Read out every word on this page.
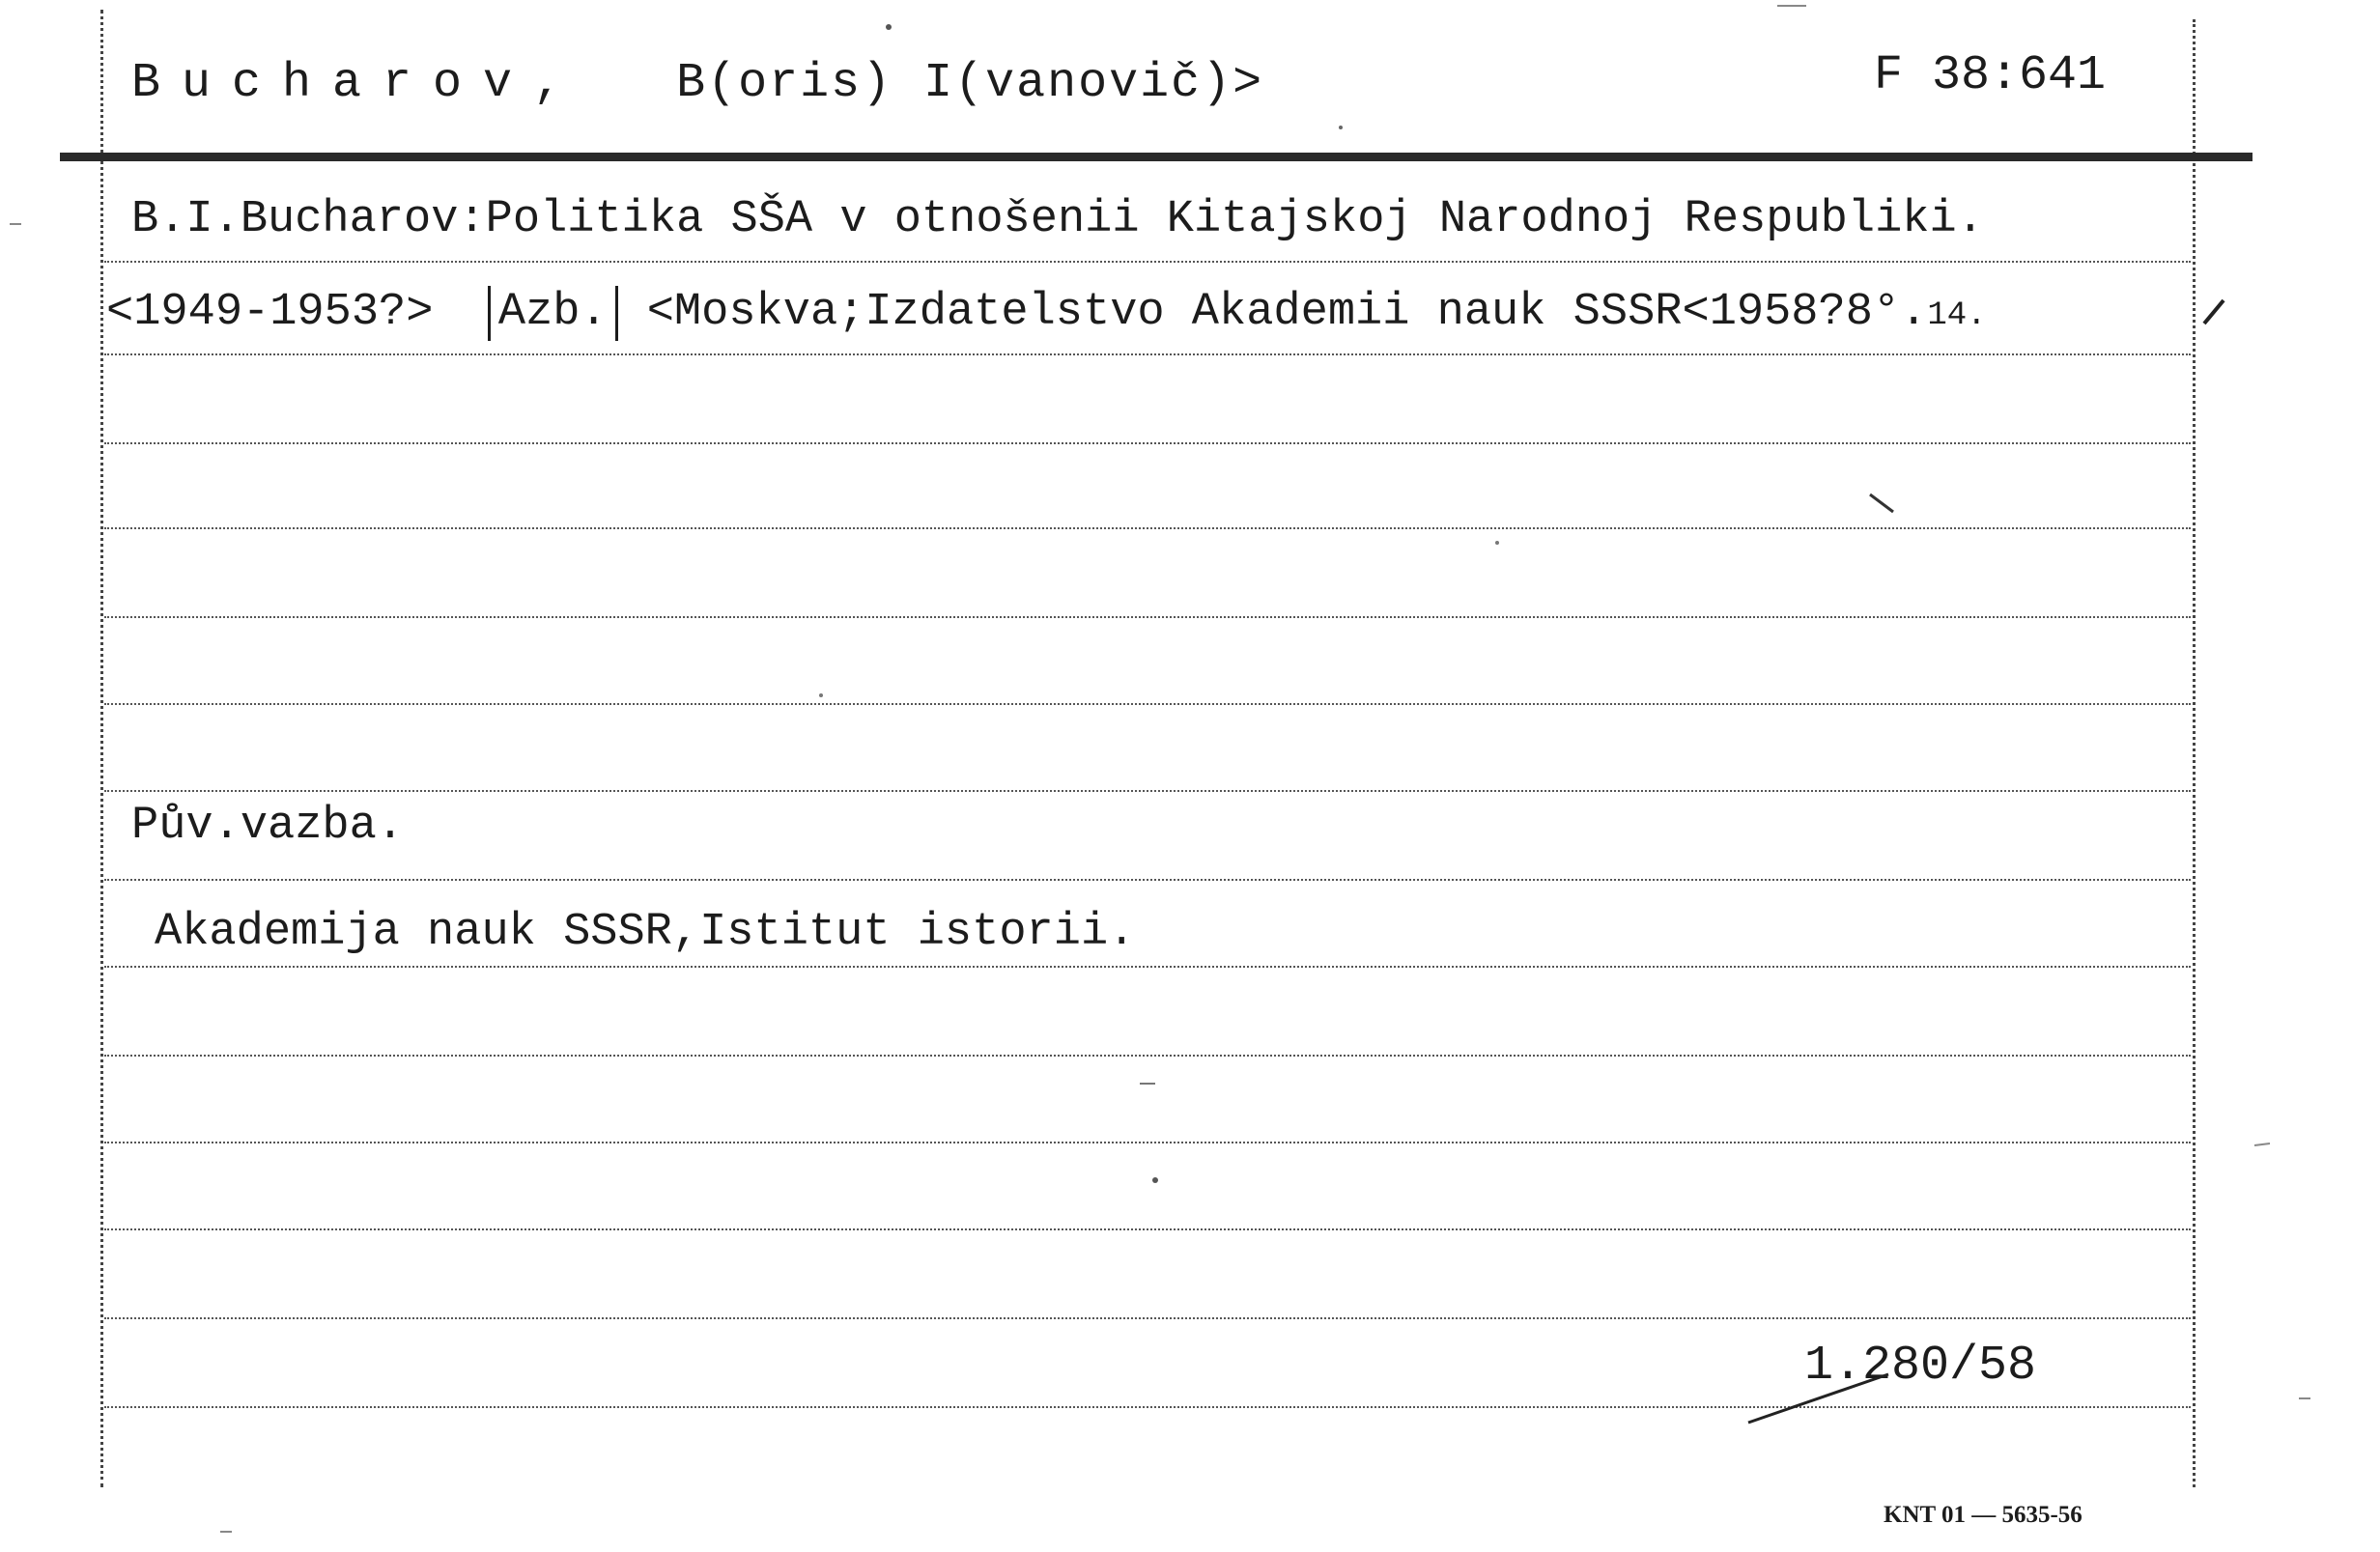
Bucharov, B(oris) I(vanovič)>	F 38:641
B.I.Bucharov:Politika SŠA v otnošenii Kitajskoj Narodnoj Respubliki.
<1949-1953?> Azb. <Moskva;Izdatelstvo Akademii nauk SSSR<1958?8°.14.
Pův.vazba.
Akademija nauk SSSR,Istitut istorii.
1.280/58
KNT 01 — 5635-56
